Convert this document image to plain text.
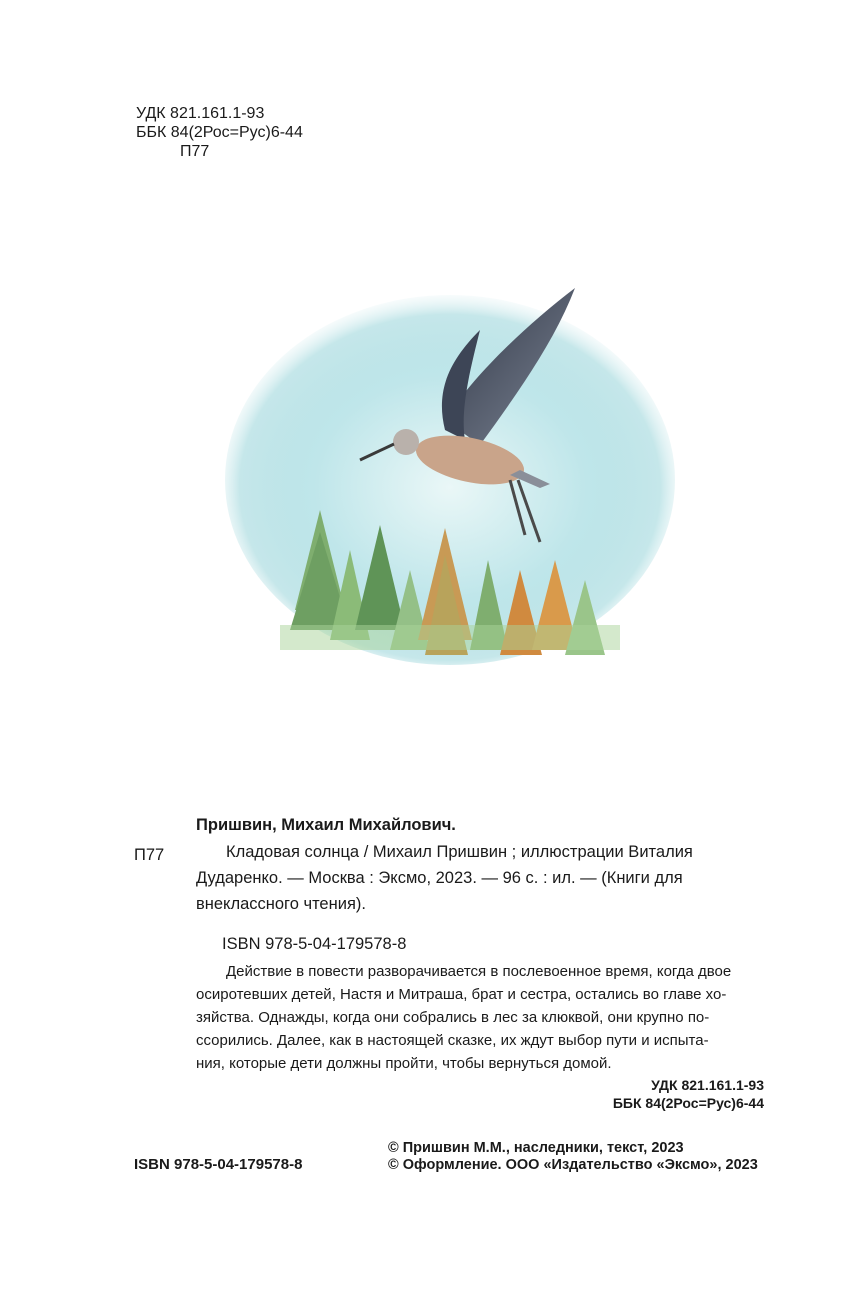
УДК 821.161.1-93

ББК 84(2Рос=Рус)6-44

П77

Пришвин, Михаил Михайлович.

П77	Кладовая солнца / Михаил Пришвин ; иллюстрации Виталия

Дударенко. — Москва : Эксмо, 2023. — 96 с. : ил. — (Книги для

внеклассного чтения).

ISBN 978-5-04-179578-8

Действие в повести разворачивается в послевоенное время, когда двое

осиротевших детей, Настя и Митраша, брат и сестра, остались во главе хо-

зяйства. Однажды, когда они собрались в лес за клюквой, они крупно по-

ссорились. Далее, как в настоящей сказке, их ждут выбор пути и испыта-

ния, которые дети должны пройти, чтобы вернуться домой.

УДК 821.161.1-93

ББК 84(2Рос=Рус)6-44

ISBN 978-5-04-179578-8

© Пришвин М.М., наследники, текст, 2023

© Оформление. ООО «Издательство «Эксмо», 2023
